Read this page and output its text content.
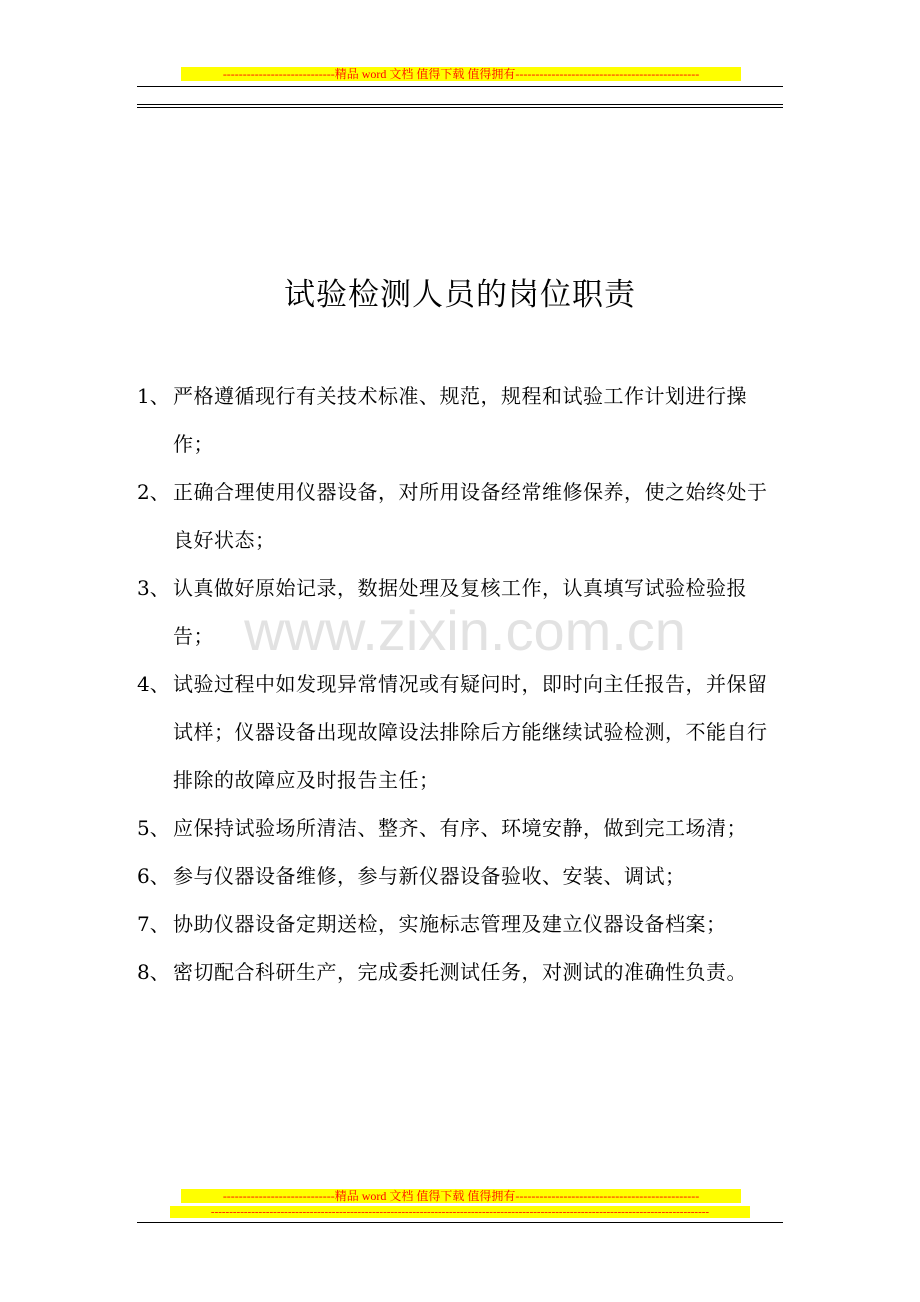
----------------------------精品 word 文档 值得下载 值得拥有----------------------------------------------
试验检测人员的岗位职责
1、 严格遵循现行有关技术标准、规范，规程和试验工作计划进行操作；
2、 正确合理使用仪器设备，对所用设备经常维修保养，使之始终处于良好状态；
3、 认真做好原始记录，数据处理及复核工作，认真填写试验检验报告；
4、 试验过程中如发现异常情况或有疑问时，即时向主任报告，并保留试样；仪器设备出现故障设法排除后方能继续试验检测，不能自行排除的故障应及时报告主任；
5、 应保持试验场所清洁、整齐、有序、环境安静，做到完工场清；
6、 参与仪器设备维修，参与新仪器设备验收、安装、调试；
7、 协助仪器设备定期送检，实施标志管理及建立仪器设备档案；
8、 密切配合科研生产，完成委托测试任务，对测试的准确性负责。
www.zixin.com.cn
----------------------------精品 word 文档 值得下载 值得拥有----------------------------------------------
----------------------------------------------------------------------------------------------------------------------------------------
